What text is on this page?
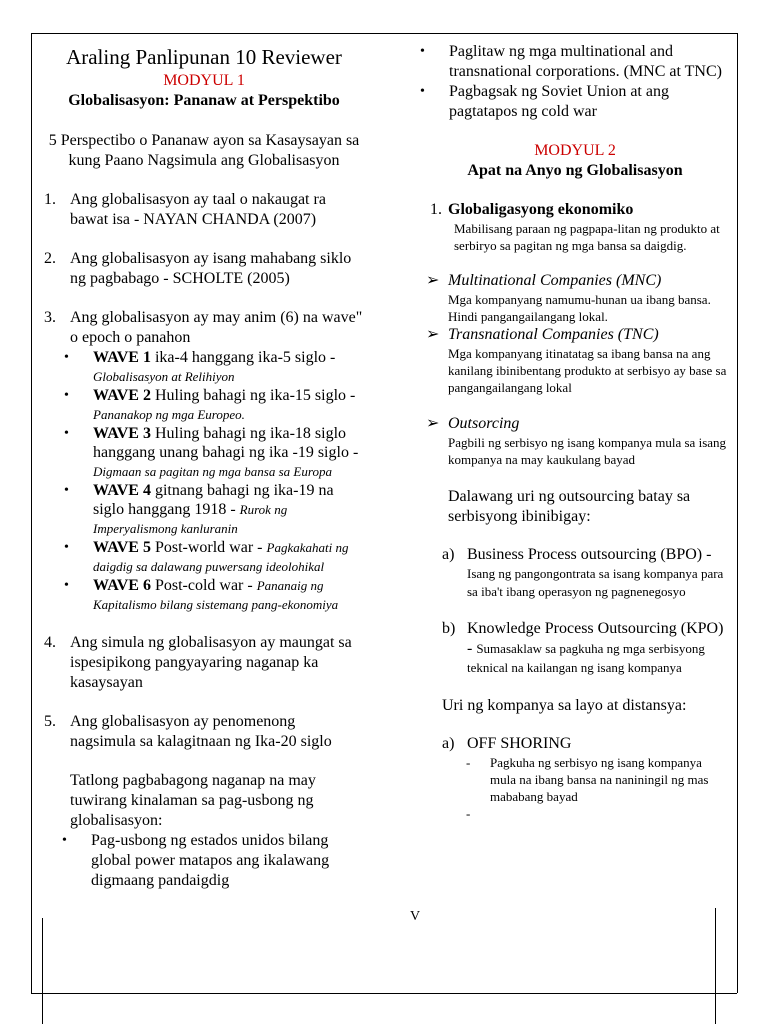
V
Araling Panlipunan 10 Reviewer
MODYUL 1
Globalisasyon: Pananaw at Perspektibo
5 Perspectibo o Pananaw ayon sa Kasaysayan sa kung Paano Nagsimula ang Globalisasyon
1. Ang globalisasyon ay taal o nakaugat ra bawat isa - NAYAN CHANDA (2007)
2. Ang globalisasyon ay isang mahabang siklo ng pagbabago - SCHOLTE (2005)
3. Ang globalisasyon ay may anim (6) na wave" o epoch o panahon
•	WAVE 1 ika-4 hanggang ika-5 siglo - Globalisasyon at Relihiyon
•	WAVE 2 Huling bahagi ng ika-15 siglo - Pananakop ng mga Europeo.
•	WAVE 3 Huling bahagi ng ika-18 siglo hanggang unang bahagi ng ika -19 siglo - Digmaan sa pagitan ng mga bansa sa Europa
•	WAVE 4 gitnang bahagi ng ika-19 na siglo hanggang 1918 - Rurok ng Imperyalismong kanluranin
•	WAVE 5 Post-world war - Pagkakahati ng daigdig sa dalawang puwersang ideolohikal
•	WAVE 6 Post-cold war - Pananaig ng Kapitalismo bilang sistemang pang-ekonomiya
4. Ang simula ng globalisasyon ay maungat sa ispesipikong pangyayaring naganap ka kasaysayan
5. Ang globalisasyon ay penomenong nagsimula sa kalagitnaan ng Ika-20 siglo
Tatlong pagbabagong naganap na may tuwirang kinalaman sa pag-usbong ng globalisasyon:
•	Pag-usbong ng estados unidos bilang global power matapos ang ikalawang digmaang pandaigdig
•	Paglitaw ng mga multinational and transnational corporations. (MNC at TNC)
•	Pagbagsak ng Soviet Union at ang pagtatapos ng cold war
MODYUL 2
Apat na Anyo ng Globalisasyon
1. Globaligasyong ekonomiko
Mabilisang paraan ng pagpapa-litan ng produkto at serbiryo sa pagitan ng mga bansa sa daigdig.
➢ Multinational Companies (MNC)
Mga kompanyang namumu-hunan ua ibang bansa. Hindi pangangailangang lokal.
➢ Transnational Companies (TNC)
Mga kompanyang itinatatag sa ibang bansa na ang kanilang ibinibentang produkto at serbisyo ay base sa pangangailangang lokal
➢ Outsorcing
Pagbili ng serbisyo ng isang kompanya mula sa isang kompanya na may kaukulang bayad
Dalawang uri ng outsourcing batay sa serbisyong ibinibigay:
a) Business Process outsourcing (BPO) - Isang ng pangongontrata sa isang kompanya para sa iba't ibang operasyon ng pagnenegosyo
b) Knowledge Process Outsourcing (KPO) - Sumasaklaw sa pagkuha ng mga serbisyong teknical na kailangan ng isang kompanya
Uri ng kompanya sa layo at distansya:
a) OFF SHORING
-	Pagkuha ng serbisyo ng isang kompanya mula na ibang bansa na naniningil ng mas mababang bayad
-
